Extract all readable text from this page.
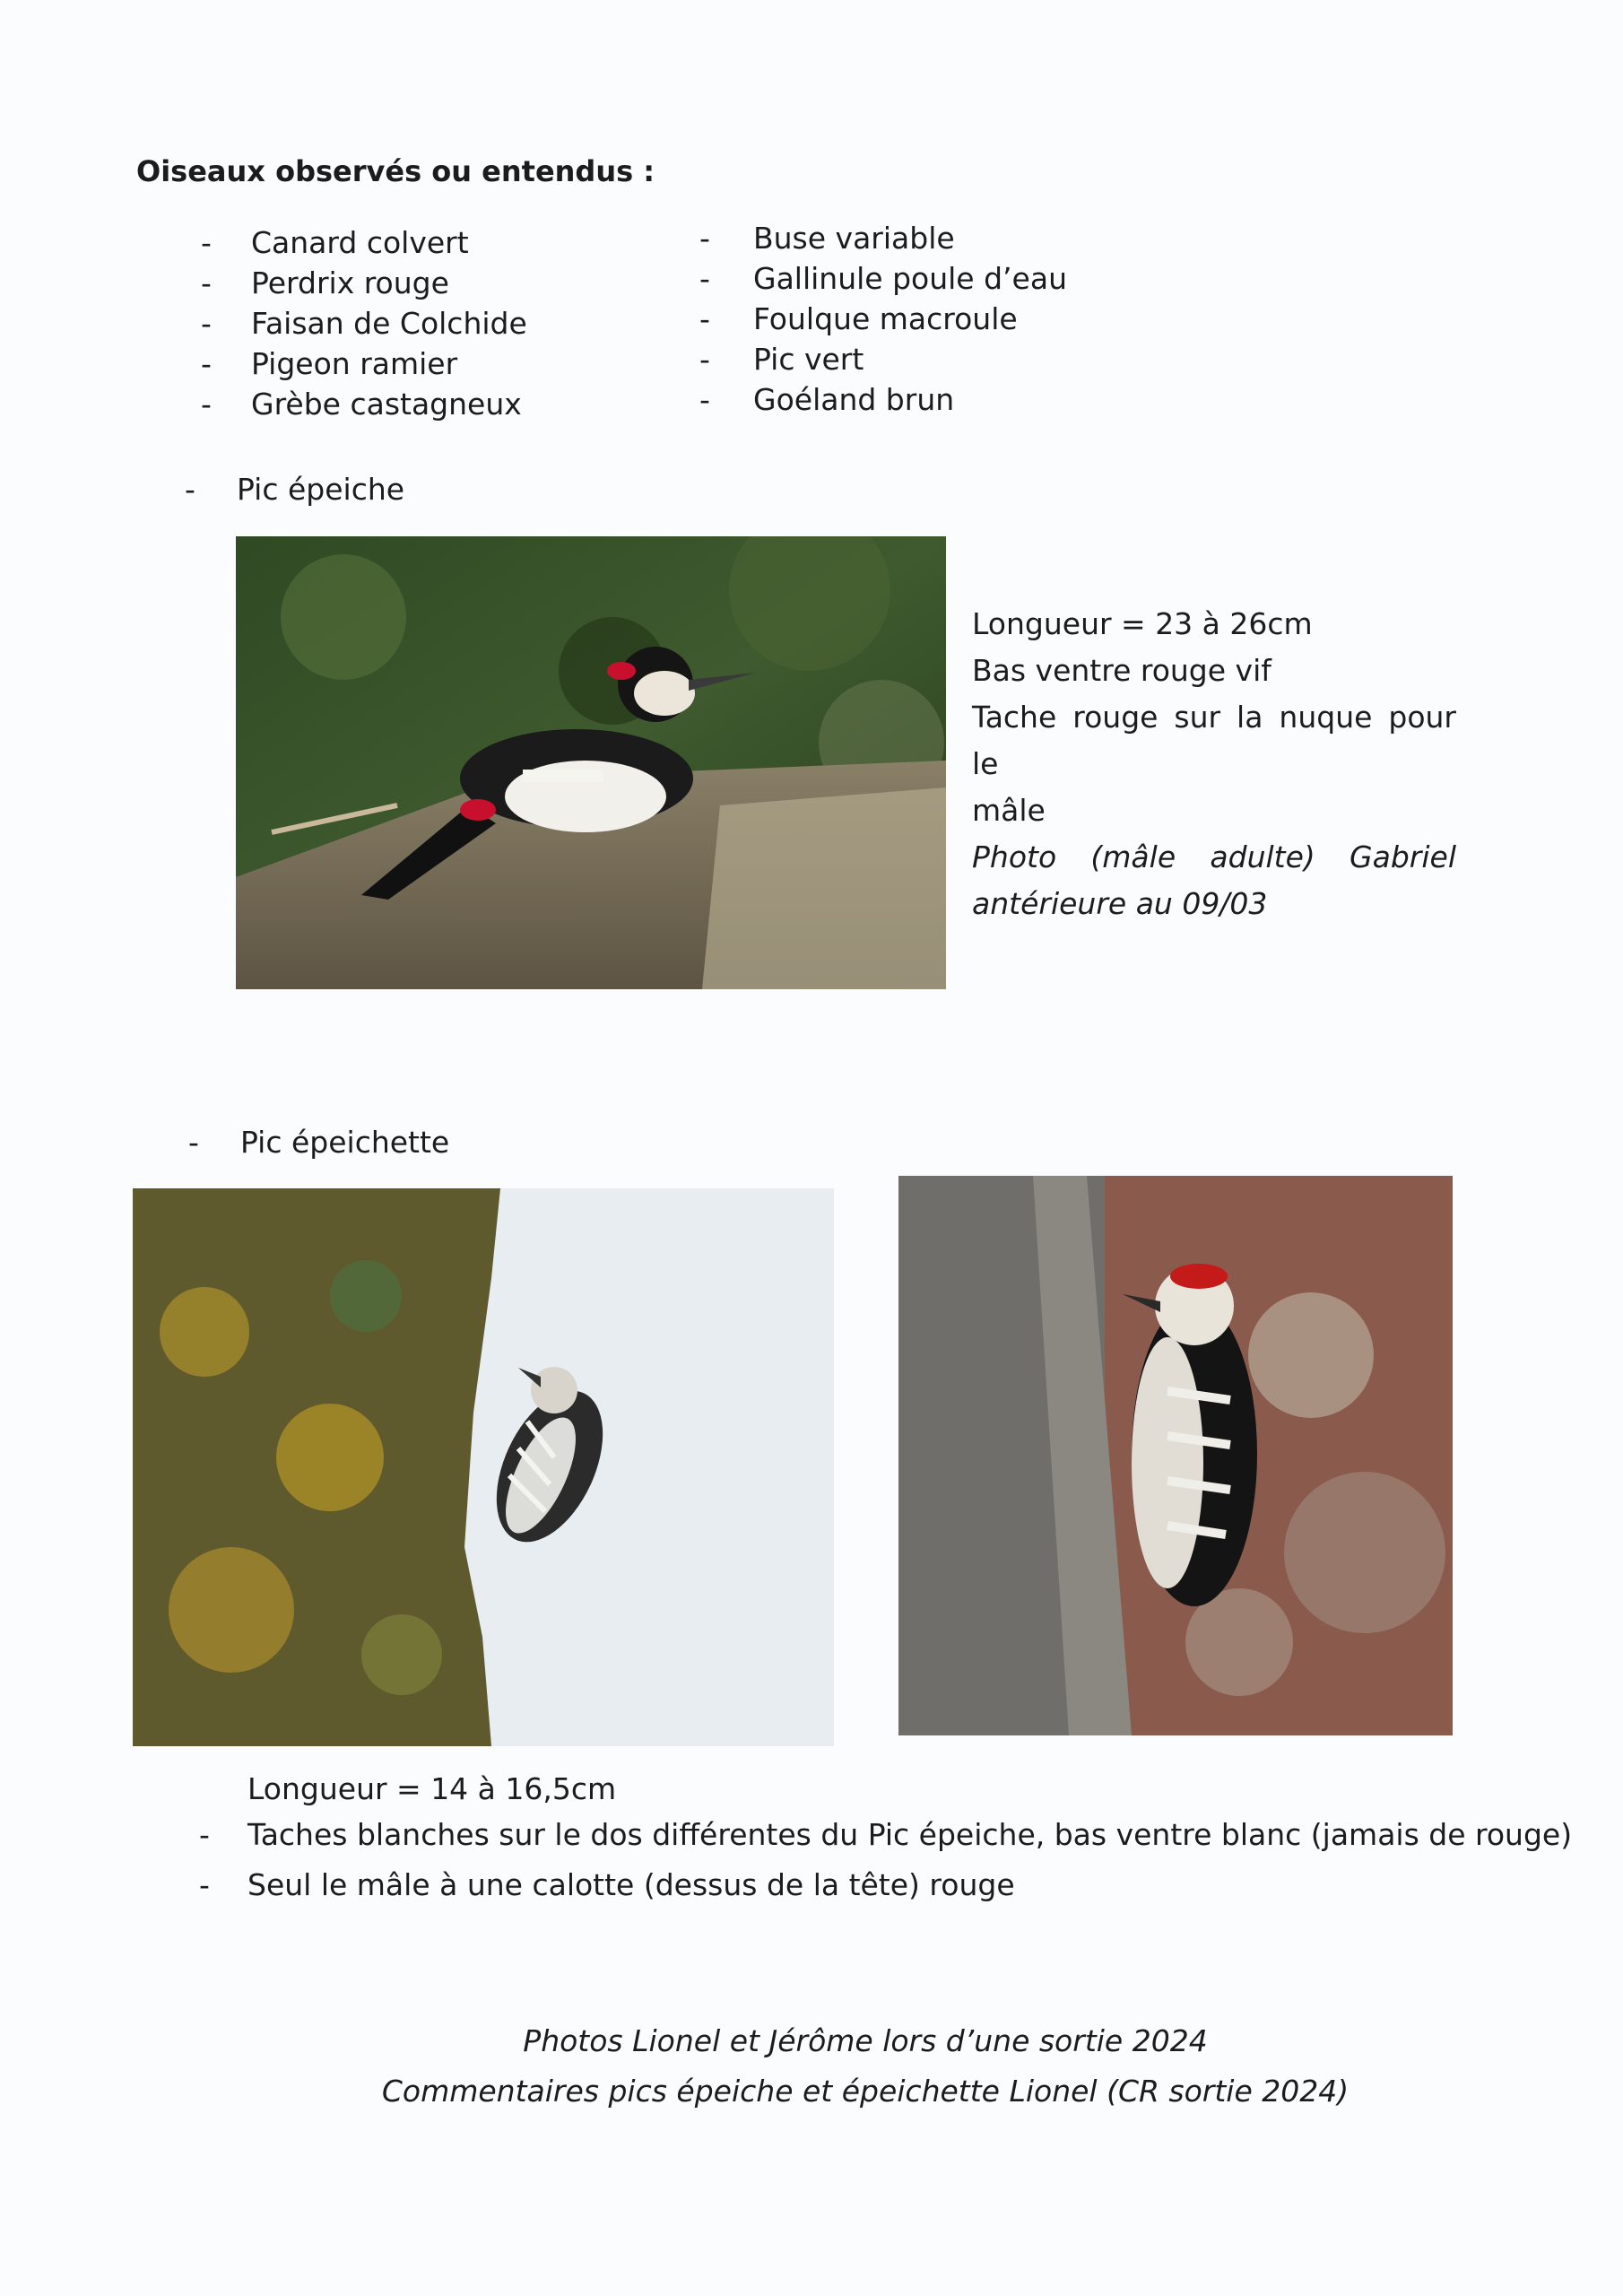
Oiseaux observés ou entendus :
- Canard colvert
- Perdrix rouge
- Faisan de Colchide
- Pigeon ramier
- Grèbe castagneux
- Buse variable
- Gallinule poule d’eau
- Foulque macroule
- Pic vert
- Goéland brun
- Pic épeiche

Longueur = 23 à 26cm

Bas ventre rouge vif

Tache rouge sur la nuque pour le

mâle

Photo (mâle adulte) Gabriel

antérieure au 09/03

- Pic épeichette
Longueur = 14 à 16,5cm
- Taches blanches sur le dos différentes du Pic épeiche, bas ventre blanc (jamais de rouge)
- Seul le mâle à une calotte (dessus de la tête) rouge
Photos Lionel et Jérôme lors d’une sortie 2024
Commentaires pics épeiche et épeichette Lionel (CR sortie 2024)
